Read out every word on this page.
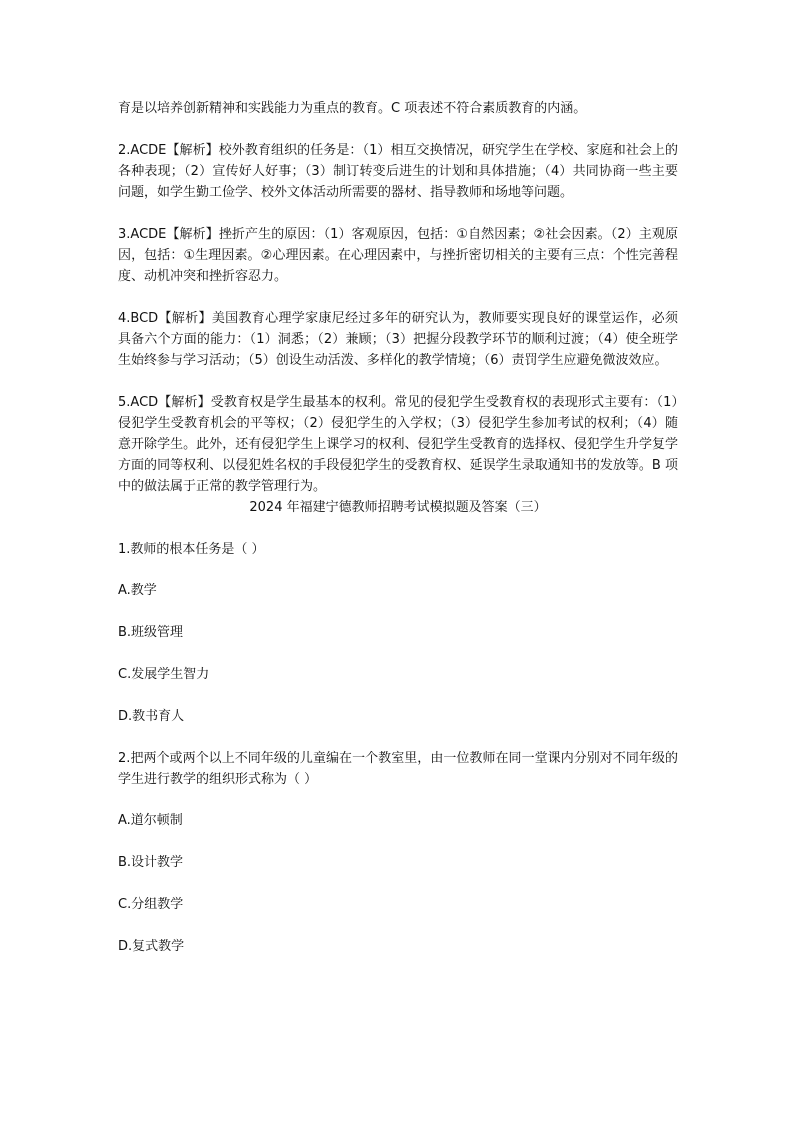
育是以培养创新精神和实践能力为重点的教育。C 项表述不符合素质教育的内涵。

2.ACDE【解析】校外教育组织的任务是：（1）相互交换情况，研究学生在学校、家庭和社会上的各种表现；（2）宣传好人好事；（3）制订转变后进生的计划和具体措施；（4）共同协商一些主要问题，如学生勤工俭学、校外文体活动所需要的器材、指导教师和场地等问题。

3.ACDE【解析】挫折产生的原因：（1）客观原因，包括：①自然因素；②社会因素。（2）主观原因，包括：①生理因素。②心理因素。在心理因素中，与挫折密切相关的主要有三点：个性完善程度、动机冲突和挫折容忍力。

4.BCD【解析】美国教育心理学家康尼经过多年的研究认为，教师要实现良好的课堂运作，必须具备六个方面的能力：（1）洞悉；（2）兼顾；（3）把握分段教学环节的顺利过渡；（4）使全班学生始终参与学习活动；（5）创设生动活泼、多样化的教学情境；（6）责罚学生应避免微波效应。

5.ACD【解析】受教育权是学生最基本的权利。常见的侵犯学生受教育权的表现形式主要有：（1）侵犯学生受教育机会的平等权；（2）侵犯学生的入学权；（3）侵犯学生参加考试的权利；（4）随意开除学生。此外，还有侵犯学生上课学习的权利、侵犯学生受教育的选择权、侵犯学生升学复学方面的同等权利、以侵犯姓名权的手段侵犯学生的受教育权、延误学生录取通知书的发放等。B 项中的做法属于正常的教学管理行为。

2024 年福建宁德教师招聘考试模拟题及答案（三）

1.教师的根本任务是（ ）

A.教学

B.班级管理

C.发展学生智力

D.教书育人

2.把两个或两个以上不同年级的儿童编在一个教室里，由一位教师在同一堂课内分别对不同年级的学生进行教学的组织形式称为（ ）

A.道尔顿制

B.设计教学

C.分组教学

D.复式教学
